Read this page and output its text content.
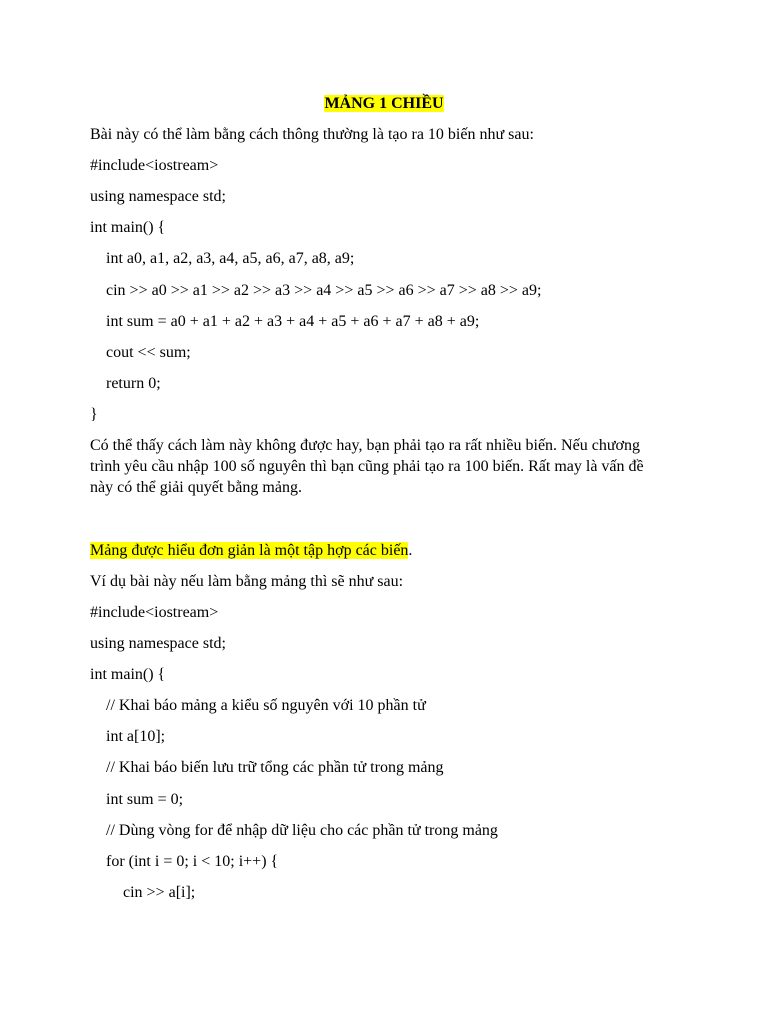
MẢNG 1 CHIỀU
Bài này có thể làm bằng cách thông thường là tạo ra 10 biến như sau:
#include<iostream>
using namespace std;
int main() {
int a0, a1, a2, a3, a4, a5, a6, a7, a8, a9;
cin >> a0 >> a1 >> a2 >> a3 >> a4 >> a5 >> a6 >> a7 >> a8 >> a9;
int sum = a0 + a1 + a2 + a3 + a4 + a5 + a6 + a7 + a8 + a9;
cout << sum;
return 0;
}
Có thể thấy cách làm này không được hay, bạn phải tạo ra rất nhiều biến. Nếu chương trình yêu cầu nhập 100 số nguyên thì bạn cũng phải tạo ra 100 biến. Rất may là vấn đề này có thể giải quyết bằng mảng.
Mảng được hiểu đơn giản là một tập hợp các biến.
Ví dụ bài này nếu làm bằng mảng thì sẽ như sau:
#include<iostream>
using namespace std;
int main() {
// Khai báo mảng a kiểu số nguyên với 10 phần tử
int a[10];
// Khai báo biến lưu trữ tổng các phần tử trong mảng
int sum = 0;
// Dùng vòng for để nhập dữ liệu cho các phần tử trong mảng
for (int i = 0; i < 10; i++) {
cin >> a[i];
